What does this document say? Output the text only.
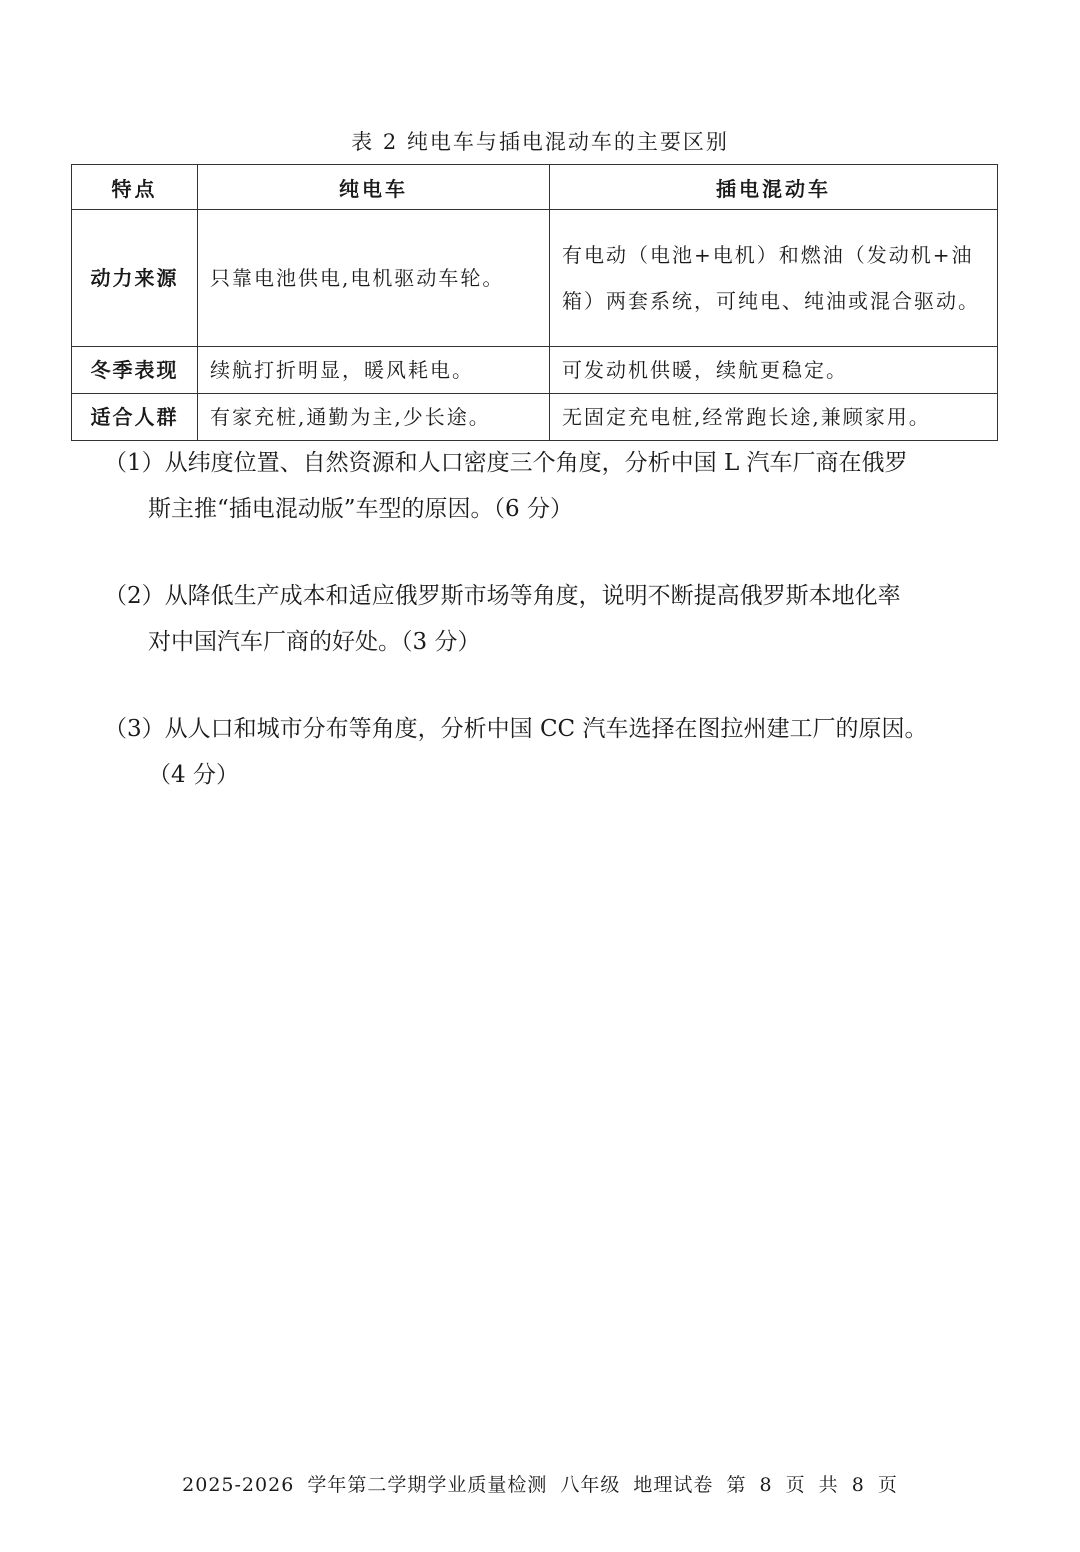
表 2 纯电车与插电混动车的主要区别
特点	纯电车	插电混动车
动力来源	只靠电池供电,电机驱动车轮。	有电动（电池+电机）和燃油（发动机+油箱）两套系统，可纯电、纯油或混合驱动。
冬季表现	续航打折明显，暖风耗电。	可发动机供暖，续航更稳定。
适合人群	有家充桩,通勤为主,少长途。	无固定充电桩,经常跑长途,兼顾家用。
（1）从纬度位置、自然资源和人口密度三个角度，分析中国 L 汽车厂商在俄罗
斯主推“插电混动版”车型的原因。（6 分）
（2）从降低生产成本和适应俄罗斯市场等角度，说明不断提高俄罗斯本地化率
对中国汽车厂商的好处。（3 分）
（3）从人口和城市分布等角度，分析中国 CC 汽车选择在图拉州建工厂的原因。
（4 分）
2025-2026 学年第二学期学业质量检测 八年级 地理试卷 第 8 页 共 8 页
